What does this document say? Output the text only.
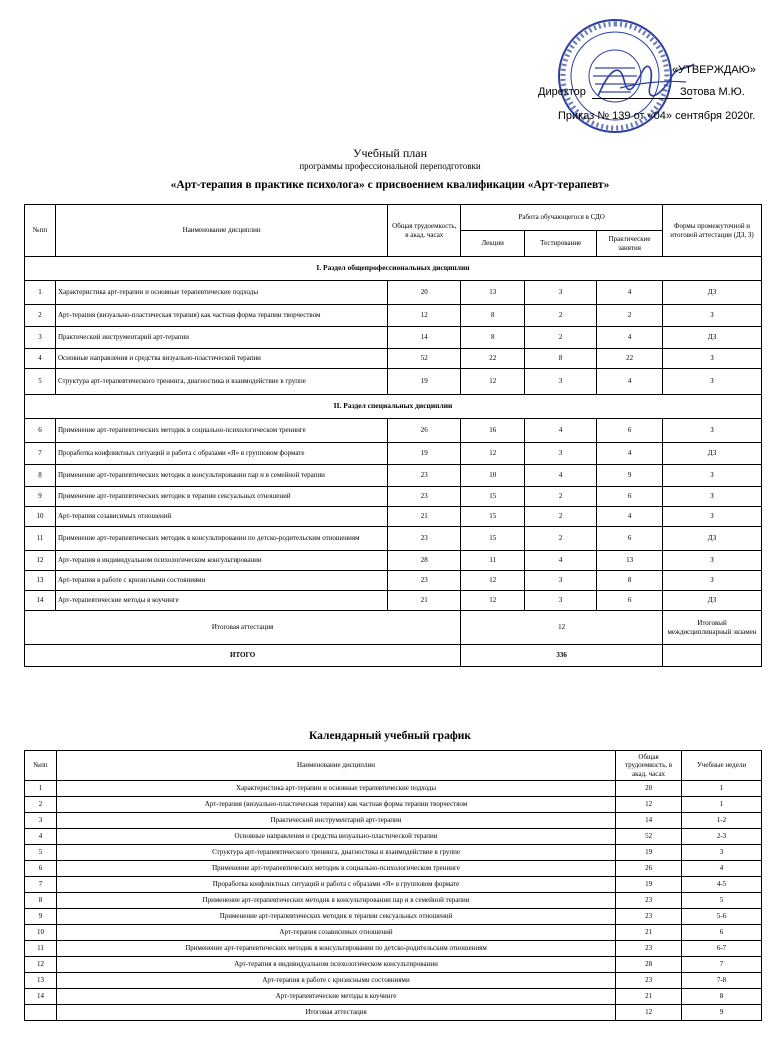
«УТВЕРЖДАЮ»
Директор	Зотова М.Ю.
Приказ № 139 от «04» сентября 2020г.
Учебный план
программы профессиональной переподготовки
«Арт-терапия в практике психолога» с присвоением квалификации «Арт-терапевт»
№пп	Наименование дисциплин	Общая трудоемкость, в акад. часах	Работа обучающегося в СДО			Формы промежуточной и итоговой аттестации (ДЗ, З)
			Лекции	Тестирование	Практические занятия	
I. Раздел общепрофессиональных дисциплин						
1	Характеристика арт-терапии и основные терапевтические подходы	20	13	3	4	ДЗ
2	Арт-терапия (визуально-пластическая терапия) как частная форма терапии творчеством	12	8	2	2	З
3	Практический инструментарий арт-терапии	14	8	2	4	ДЗ
4	Основные направления и средства визуально-пластической терапии	52	22	8	22	З
5	Структура арт-терапевтического тренинга, диагностика и взаимодействие в группе	19	12	3	4	З
II. Раздел специальных дисциплин						
6	Применение арт-терапевтических методик в социально-психологическом тренинге	26	16	4	6	З
7	Проработка конфликтных ситуаций и работа с образами «Я» в групповом формате	19	12	3	4	ДЗ
8	Применение арт-терапевтических методик в консультировании пар и в семейной терапии	23	10	4	9	З
9	Применение арт-терапевтических методик в терапии сексуальных отношений	23	15	2	6	З
10	Арт-терапия созависимых отношений	21	15	2	4	З
11	Применение арт-терапевтических методик в консультировании по детско-родительским отношениям	23	15	2	6	ДЗ
12	Арт-терапия в индивидуальном психологическом консультировании	28	11	4	13	З
13	Арт-терапия в работе с кризисными состояниями	23	12	3	8	З
14	Арт-терапевтические методы в коучинге	21	12	3	6	ДЗ
Итоговая аттестация			12			Итоговый междисциплинарный экзамен
ИТОГО			336			
Календарный учебный график
№пп	Наименование дисциплин	Общая трудоемкость, в акад. часах	Учебные недели
1	Характеристика арт-терапии и основные терапевтические подходы	20	1
2	Арт-терапия (визуально-пластическая терапия) как частная форма терапии творчеством	12	1
3	Практический инструментарий арт-терапии	14	1-2
4	Основные направления и средства визуально-пластической терапии	52	2-3
5	Структура арт-терапевтического тренинга, диагностика и взаимодействие в группе	19	3
6	Применение арт-терапевтических методик в социально-психологическом тренинге	26	4
7	Проработка конфликтных ситуаций и работа с образами «Я» в групповом формате	19	4-5
8	Применение арт-терапевтических методик в консультировании пар и в семейной терапии	23	5
9	Применение арт-терапевтических методик в терапии сексуальных отношений	23	5-6
10	Арт-терапия созависимых отношений	21	6
11	Применение арт-терапевтических методик в консультировании по детско-родительским отношениям	23	6-7
12	Арт-терапия в индивидуальном психологическом консультировании	28	7
13	Арт-терапия в работе с кризисными состояниями	23	7-8
14	Арт-терапевтические методы в коучинге	21	8
	Итоговая аттестация	12	9
